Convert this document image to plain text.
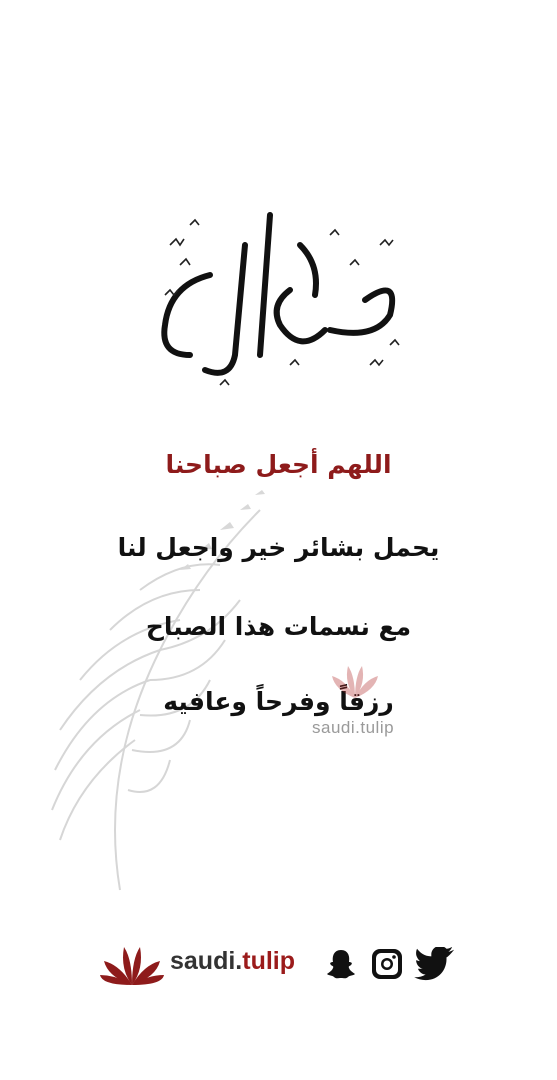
اللهم أجعل صباحنا
يحمل بشائر خير واجعل لنا
مع نسمات هذا الصباح
رزقاً وفرحاً وعافيه
saudi.tulip
saudi.tulip
